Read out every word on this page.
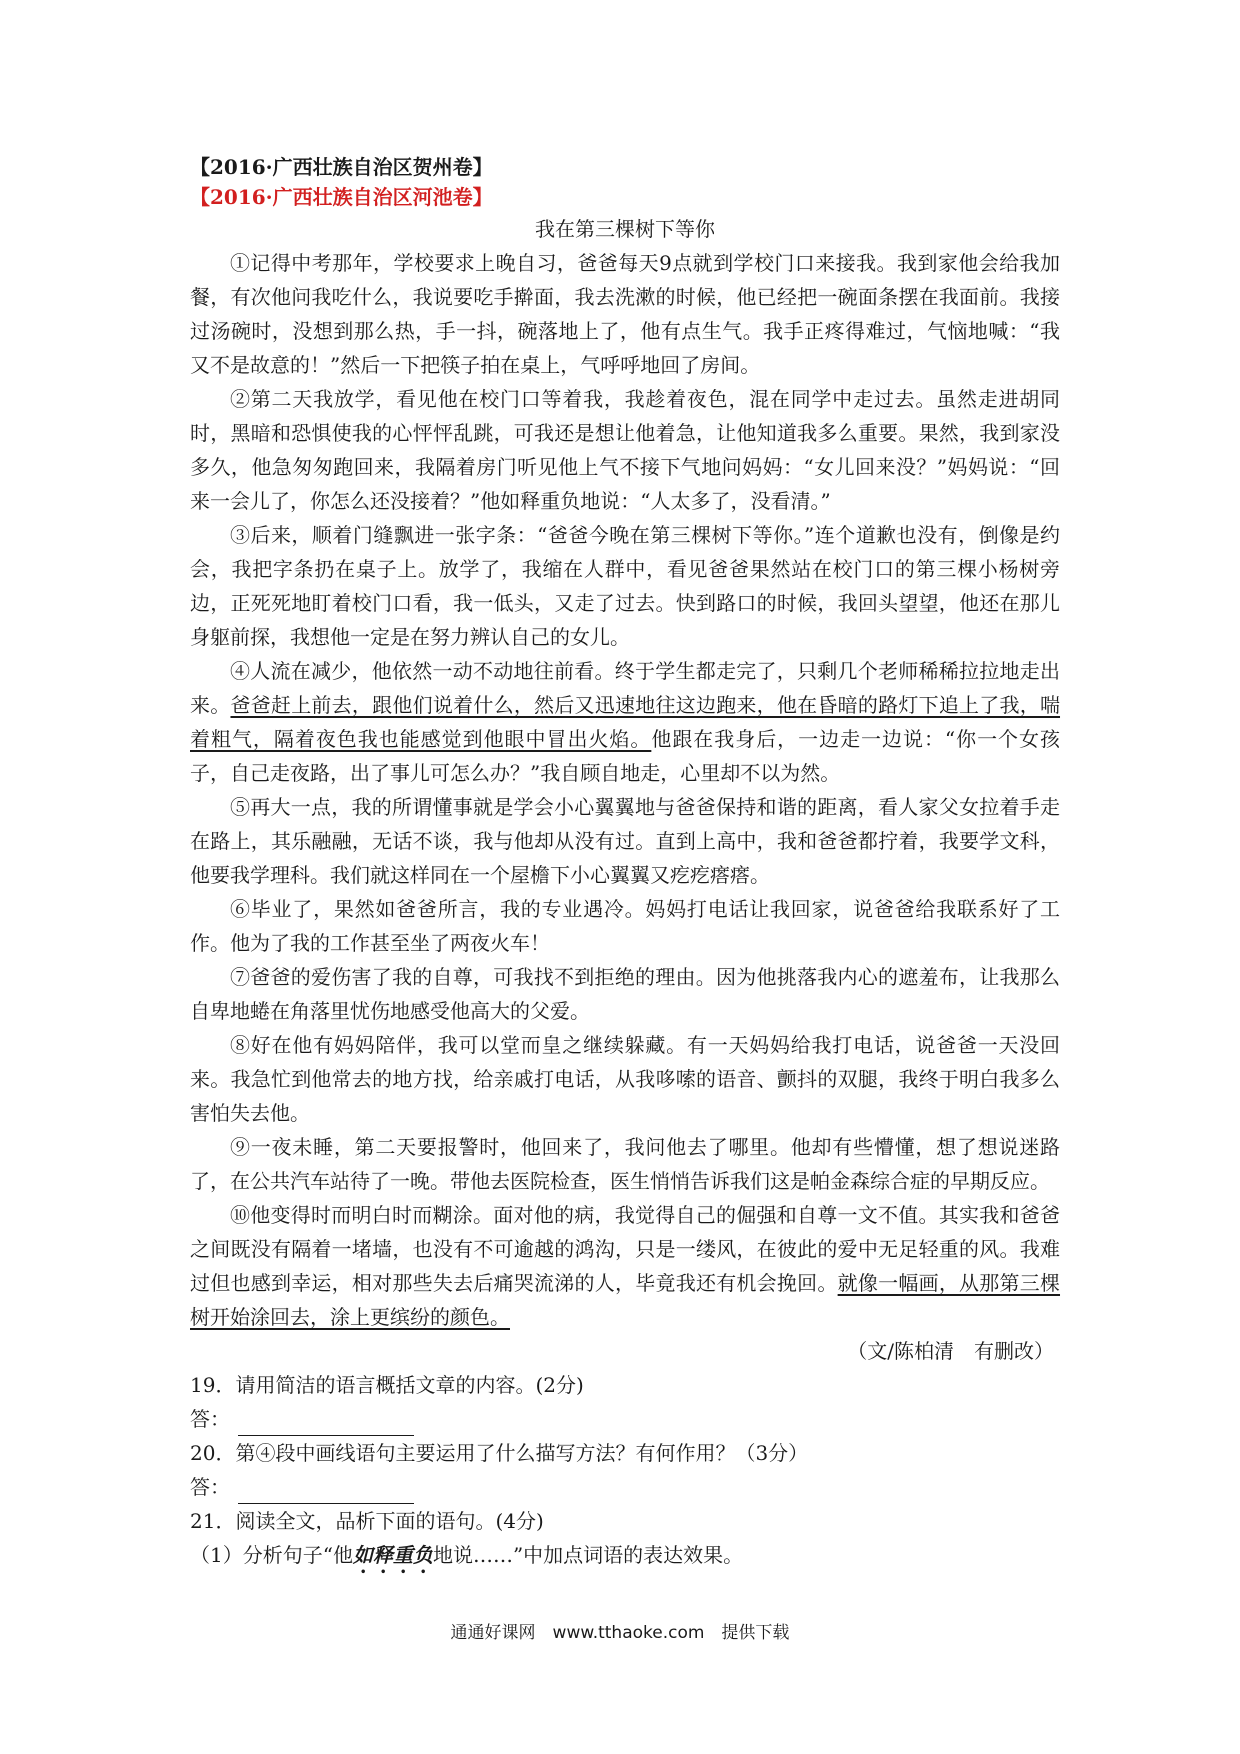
【2016·广西壮族自治区贺州卷】

【2016·广西壮族自治区河池卷】

我在第三棵树下等你

①记得中考那年，学校要求上晚自习，爸爸每天9点就到学校门口来接我。我到家他会给我加餐，有次他问我吃什么，我说要吃手擀面，我去洗漱的时候，他已经把一碗面条摆在我面前。我接过汤碗时，没想到那么热，手一抖，碗落地上了，他有点生气。我手正疼得难过，气恼地喊：“我又不是故意的！”然后一下把筷子拍在桌上，气呼呼地回了房间。

②第二天我放学，看见他在校门口等着我，我趁着夜色，混在同学中走过去。虽然走进胡同时，黑暗和恐惧使我的心怦怦乱跳，可我还是想让他着急，让他知道我多么重要。果然，我到家没多久，他急匆匆跑回来，我隔着房门听见他上气不接下气地问妈妈：“女儿回来没？”妈妈说：“回来一会儿了，你怎么还没接着？”他如释重负地说：“人太多了，没看清。”

③后来，顺着门缝飘进一张字条：“爸爸今晚在第三棵树下等你。”连个道歉也没有，倒像是约会，我把字条扔在桌子上。放学了，我缩在人群中，看见爸爸果然站在校门口的第三棵小杨树旁边，正死死地盯着校门口看，我一低头，又走了过去。快到路口的时候，我回头望望，他还在那儿身躯前探，我想他一定是在努力辨认自己的女儿。

④人流在减少，他依然一动不动地往前看。终于学生都走完了，只剩几个老师稀稀拉拉地走出来。爸爸赶上前去，跟他们说着什么，然后又迅速地往这边跑来，他在昏暗的路灯下追上了我，喘着粗气，隔着夜色我也能感觉到他眼中冒出火焰。他跟在我身后，一边走一边说：“你一个女孩子，自己走夜路，出了事儿可怎么办？”我自顾自地走，心里却不以为然。

⑤再大一点，我的所谓懂事就是学会小心翼翼地与爸爸保持和谐的距离，看人家父女拉着手走在路上，其乐融融，无话不谈，我与他却从没有过。直到上高中，我和爸爸都拧着，我要学文科，他要我学理科。我们就这样同在一个屋檐下小心翼翼又疙疙瘩瘩。

⑥毕业了，果然如爸爸所言，我的专业遇冷。妈妈打电话让我回家，说爸爸给我联系好了工作。他为了我的工作甚至坐了两夜火车！

⑦爸爸的爱伤害了我的自尊，可我找不到拒绝的理由。因为他挑落我内心的遮羞布，让我那么自卑地蜷在角落里忧伤地感受他高大的父爱。

⑧好在他有妈妈陪伴，我可以堂而皇之继续躲藏。有一天妈妈给我打电话，说爸爸一天没回来。我急忙到他常去的地方找，给亲戚打电话，从我哆嗦的语音、颤抖的双腿，我终于明白我多么害怕失去他。

⑨一夜未睡，第二天要报警时，他回来了，我问他去了哪里。他却有些懵懂，想了想说迷路了，在公共汽车站待了一晚。带他去医院检查，医生悄悄告诉我们这是帕金森综合症的早期反应。

⑩他变得时而明白时而糊涂。面对他的病，我觉得自己的倔强和自尊一文不值。其实我和爸爸之间既没有隔着一堵墙，也没有不可逾越的鸿沟，只是一缕风，在彼此的爱中无足轻重的风。我难过但也感到幸运，相对那些失去后痛哭流涕的人，毕竟我还有机会挽回。就像一幅画，从那第三棵树开始涂回去，涂上更缤纷的颜色。

（文/陈柏清　有删改）

19．请用简洁的语言概括文章的内容。(2分)

答：

20．第④段中画线语句主要运用了什么描写方法？有何作用？（3分）

答：

21．阅读全文，品析下面的语句。(4分)

（1）分析句子“他如释重负地说……”中加点词语的表达效果。

通通好课网　www.tthaoke.com　提供下载
